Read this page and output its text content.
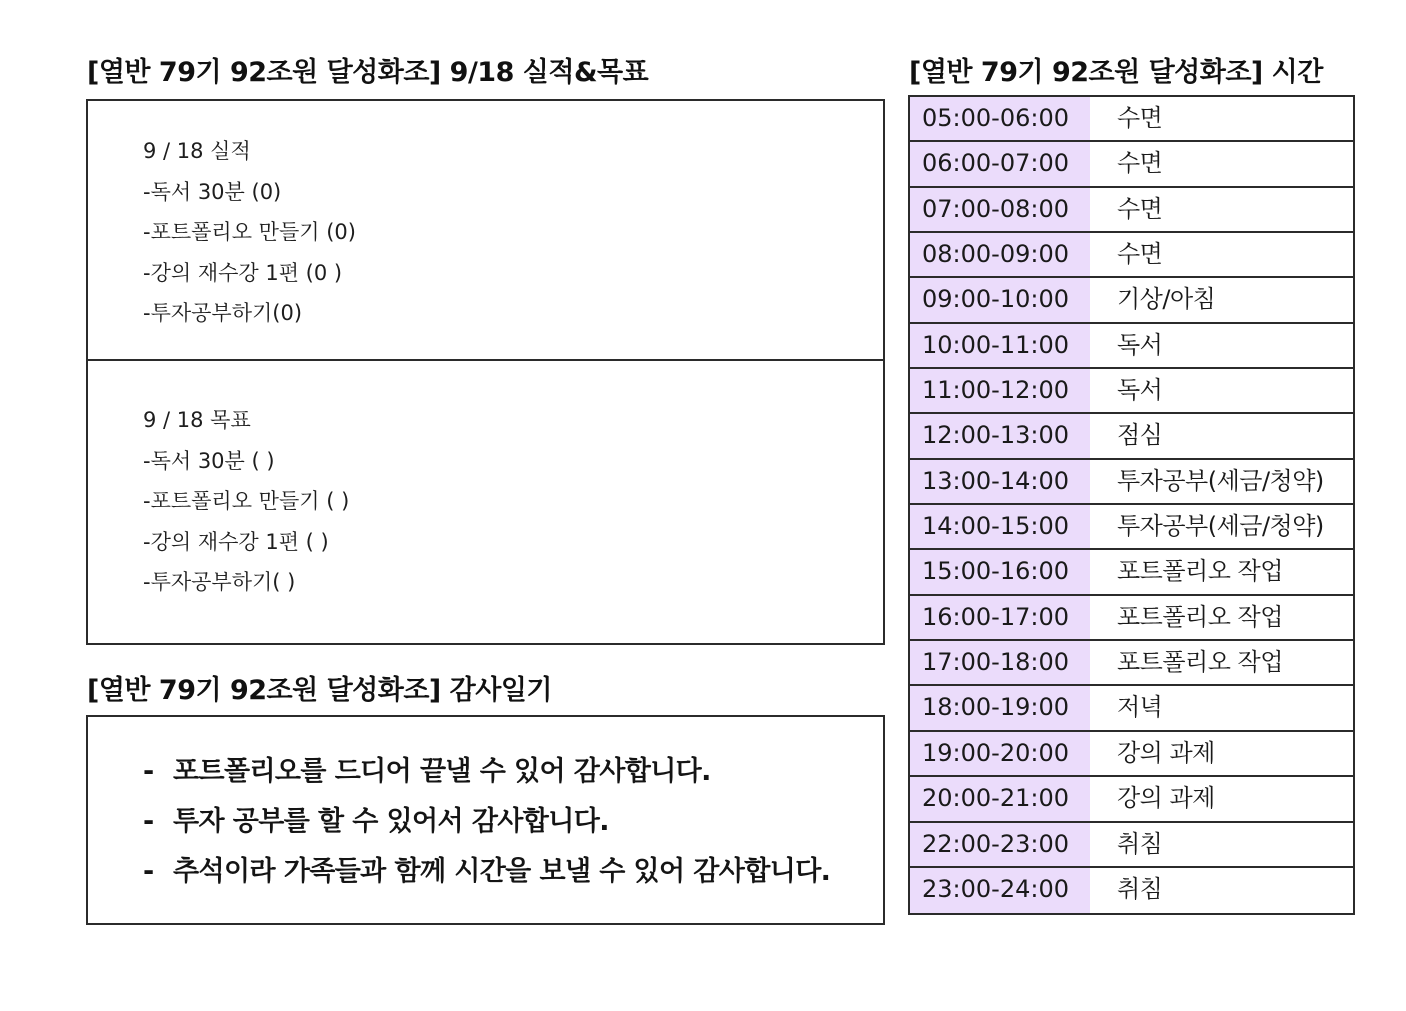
[열반 79기 92조원 달성화조] 9/18 실적&목표
9 / 18 실적
-독서 30분 (0)
-포트폴리오 만들기 (0)
-강의 재수강 1편 (0 )
-투자공부하기(0)
9 / 18 목표
-독서 30분 ( )
-포트폴리오 만들기 ( )
-강의 재수강 1편 ( )
-투자공부하기( )
[열반 79기 92조원 달성화조] 감사일기
- 포트폴리오를 드디어 끝낼 수 있어 감사합니다.
- 투자 공부를 할 수 있어서 감사합니다.
- 추석이라 가족들과 함께 시간을 보낼 수 있어 감사합니다.
[열반 79기 92조원 달성화조] 시간
05:00-06:00	수면
06:00-07:00	수면
07:00-08:00	수면
08:00-09:00	수면
09:00-10:00	기상/아침
10:00-11:00	독서
11:00-12:00	독서
12:00-13:00	점심
13:00-14:00	투자공부(세금/청약)
14:00-15:00	투자공부(세금/청약)
15:00-16:00	포트폴리오 작업
16:00-17:00	포트폴리오 작업
17:00-18:00	포트폴리오 작업
18:00-19:00	저녁
19:00-20:00	강의 과제
20:00-21:00	강의 과제
22:00-23:00	취침
23:00-24:00	취침
